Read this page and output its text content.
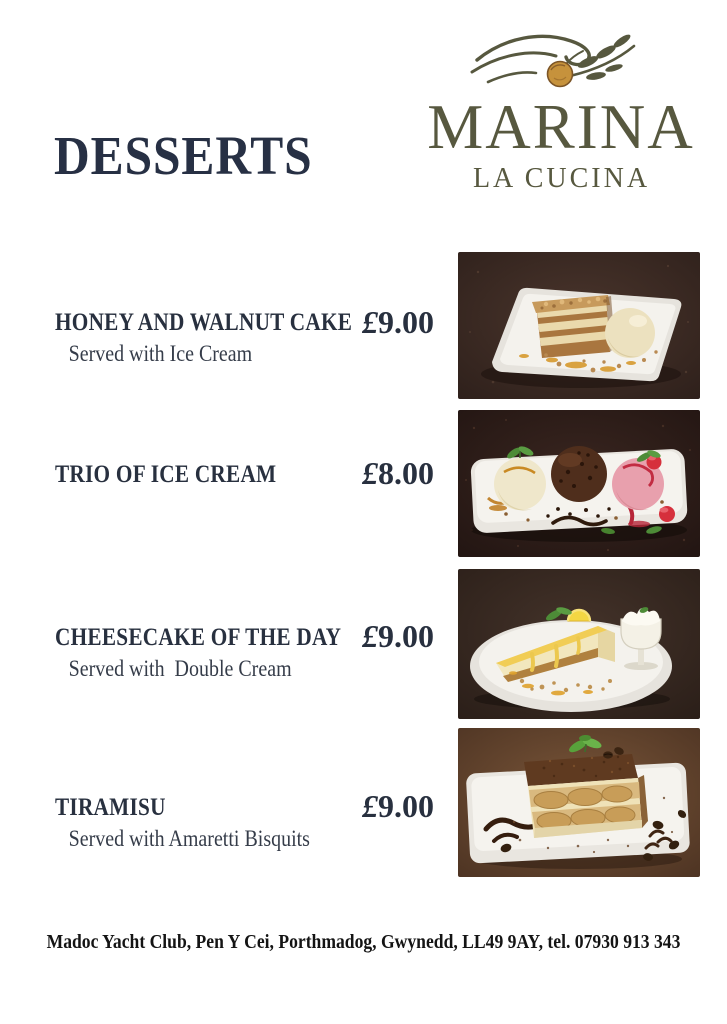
MARINA
LA CUCINA
DESSERTS
HONEY AND WALNUT CAKE
Served with Ice Cream
£9.00
TRIO OF ICE CREAM	£8.00
CHEESECAKE OF THE DAY
Served with  Double Cream
£9.00
TIRAMISU
Served with Amaretti Bisquits
£9.00
Madoc Yacht Club, Pen Y Cei, Porthmadog, Gwynedd, LL49 9AY, tel. 07930 913 343
